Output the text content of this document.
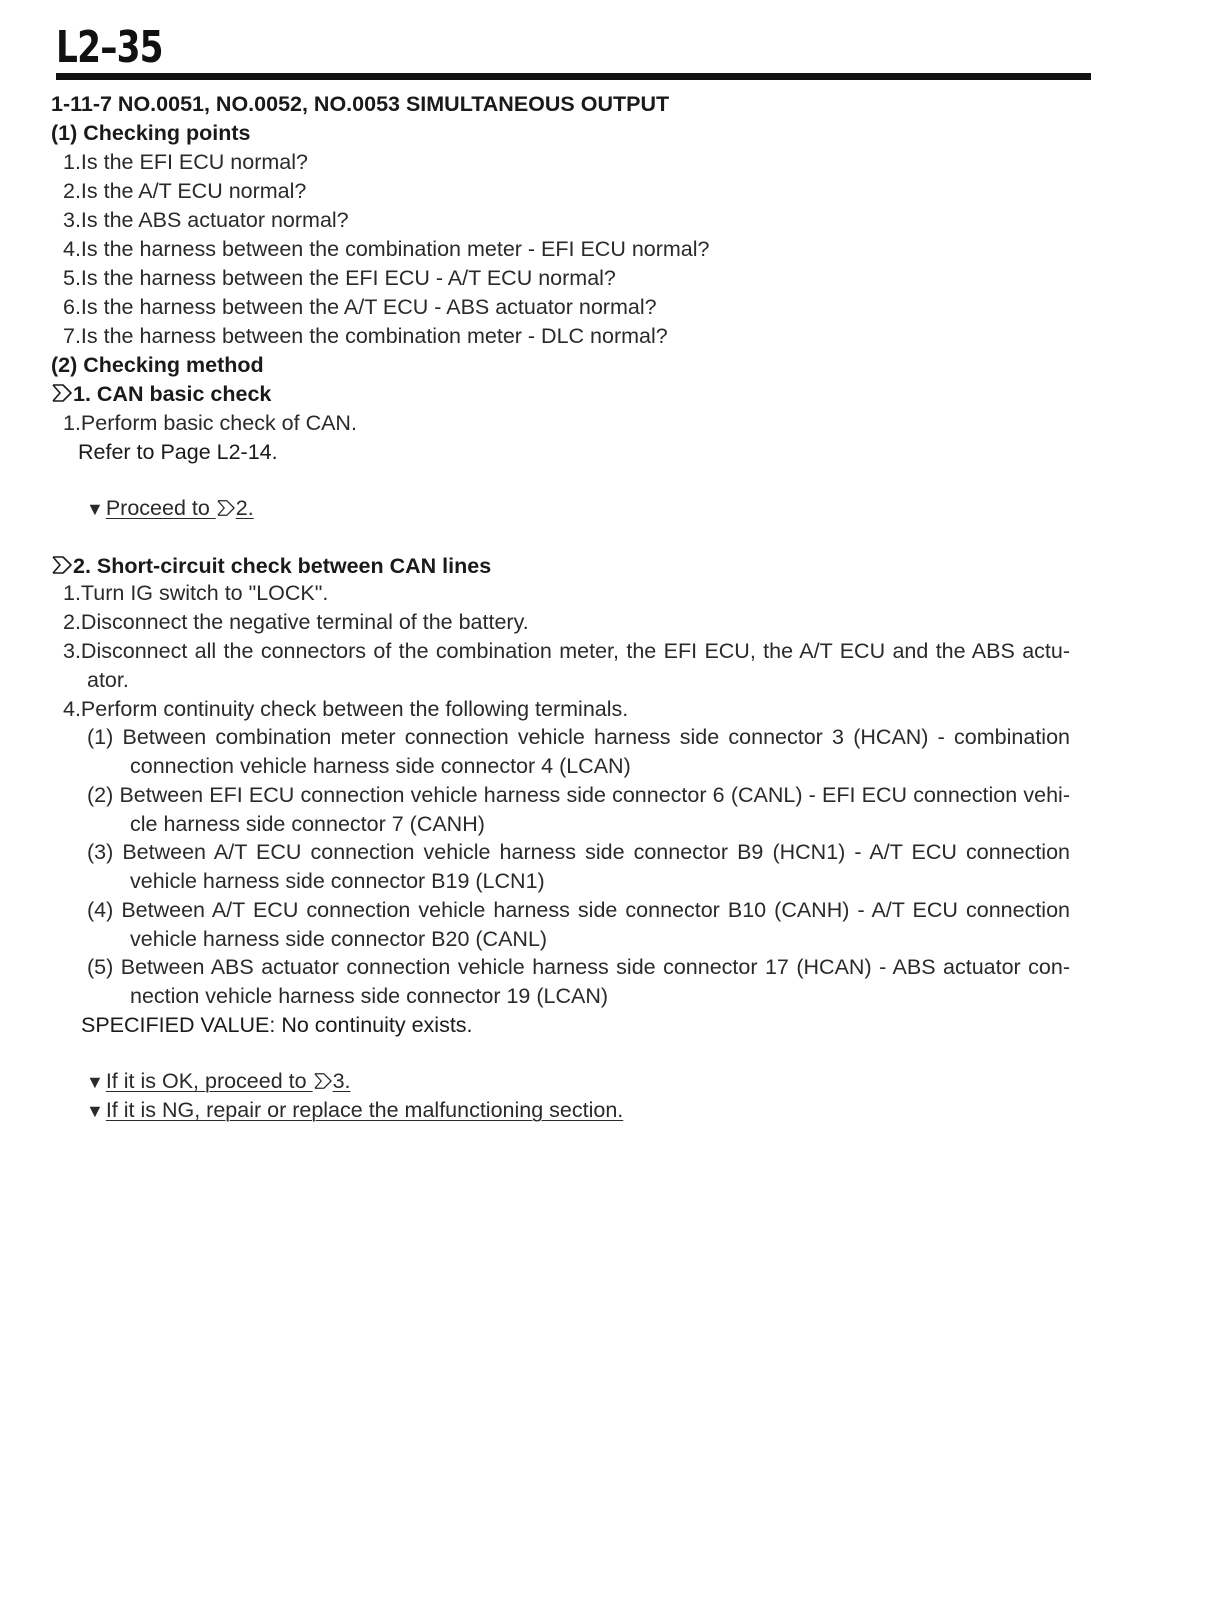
L2–35
1-11-7 NO.0051, NO.0052, NO.0053 SIMULTANEOUS OUTPUT
(1) Checking points
1.Is the EFI ECU normal?
2.Is the A/T ECU normal?
3.Is the ABS actuator normal?
4.Is the harness between the combination meter - EFI ECU normal?
5.Is the harness between the EFI ECU - A/T ECU normal?
6.Is the harness between the A/T ECU - ABS actuator normal?
7.Is the harness between the combination meter - DLC normal?
(2) Checking method
1. CAN basic check
1.Perform basic check of CAN.
Refer to Page L2-14.
▼Proceed to 2.
2. Short-circuit check between CAN lines
1.Turn IG switch to "LOCK".
2.Disconnect the negative terminal of the battery.
3.Disconnect all the connectors of the combination meter, the EFI ECU, the A/T ECU and the ABS actu-
ator.
4.Perform continuity check between the following terminals.
(1) Between combination meter connection vehicle harness side connector 3 (HCAN) - combination
connection vehicle harness side connector 4 (LCAN)
(2) Between EFI ECU connection vehicle harness side connector 6 (CANL) - EFI ECU connection vehi-
cle harness side connector 7 (CANH)
(3) Between A/T ECU connection vehicle harness side connector B9 (HCN1) - A/T ECU connection
vehicle harness side connector B19 (LCN1)
(4) Between A/T ECU connection vehicle harness side connector B10 (CANH) - A/T ECU connection
vehicle harness side connector B20 (CANL)
(5) Between ABS actuator connection vehicle harness side connector 17 (HCAN) - ABS actuator con-
nection vehicle harness side connector 19 (LCAN)
SPECIFIED VALUE: No continuity exists.
▼If it is OK, proceed to 3.
▼If it is NG, repair or replace the malfunctioning section.
